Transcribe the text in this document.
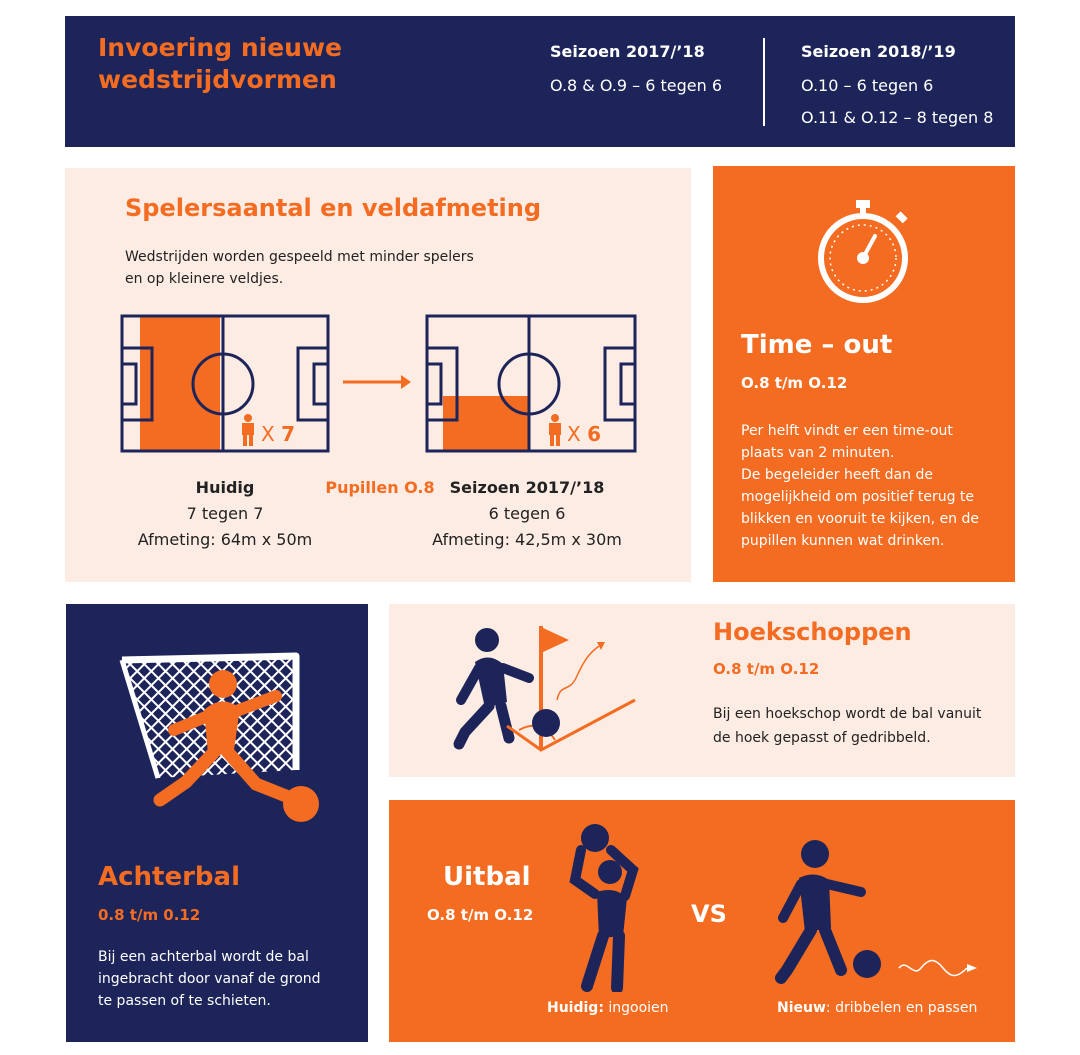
Invoering nieuwe
wedstrijdvormen
Seizoen 2017/’18
O.8 & O.9 – 6 tegen 6
Seizoen 2018/’19
O.10 – 6 tegen 6
O.11 & O.12 – 8 tegen 8
Spelersaantal en veldafmeting
Wedstrijden worden gespeeld met minder spelers
en op kleinere veldjes.
X 7	X 6
Huidig
7 tegen 7
Afmeting: 64m x 50m
Pupillen O.8 Seizoen 2017/’18
6 tegen 6
Afmeting: 42,5m x 30m
Time – out
O.8 t/m O.12
Per helft vindt er een time-out
plaats van 2 minuten.
De begeleider heeft dan de
mogelijkheid om positief terug te
blikken en vooruit te kijken, en de
pupillen kunnen wat drinken.
Achterbal
0.8 t/m 0.12
Bij een achterbal wordt de bal
ingebracht door vanaf de grond
te passen of te schieten.
Hoekschoppen
O.8 t/m O.12
Bij een hoekschop wordt de bal vanuit
de hoek gepasst of gedribbeld.
Uitbal
O.8 t/m O.12	VS
Huidig: ingooien	Nieuw: dribbelen en passen
